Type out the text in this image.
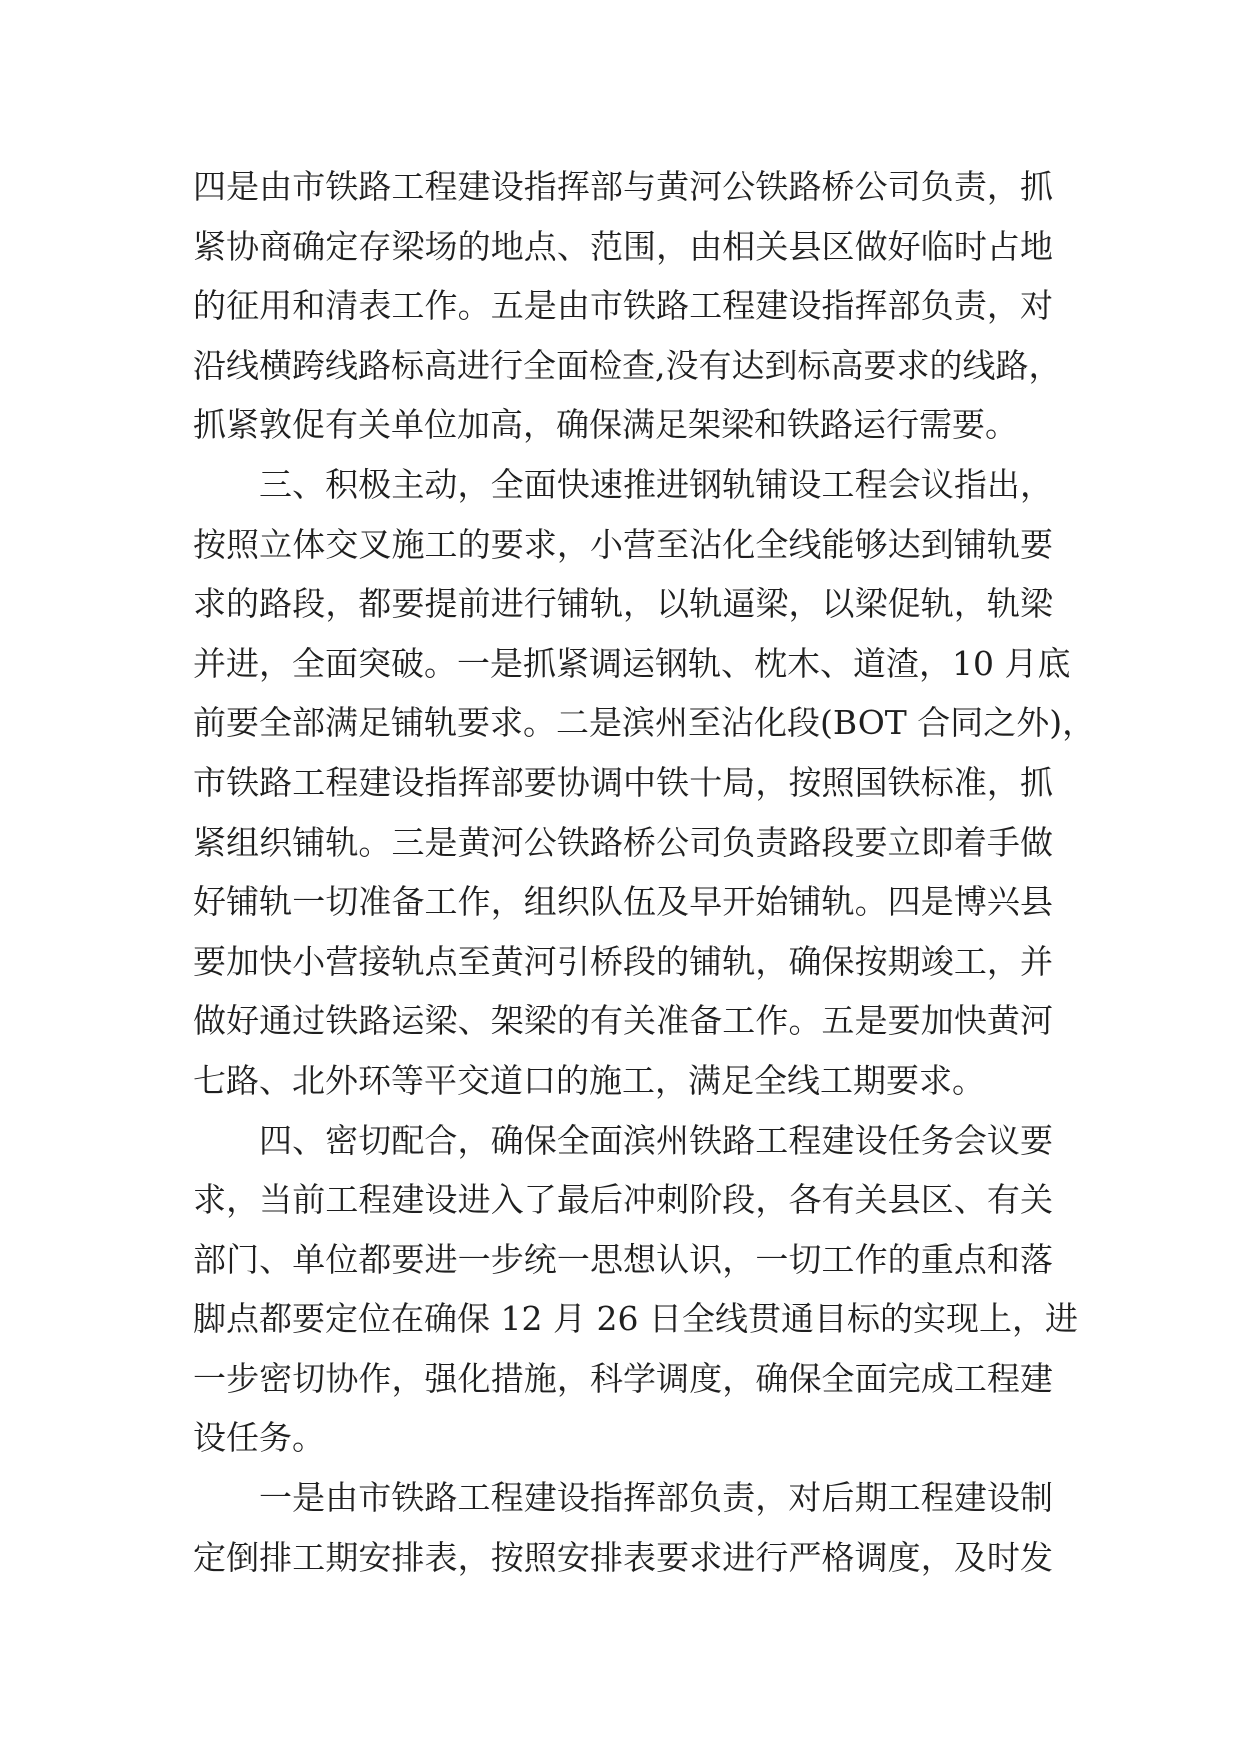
四是由市铁路工程建设指挥部与黄河公铁路桥公司负责，抓
紧协商确定存梁场的地点、范围，由相关县区做好临时占地
的征用和清表工作。五是由市铁路工程建设指挥部负责，对
沿线横跨线路标高进行全面检查,没有达到标高要求的线路，
抓紧敦促有关单位加高，确保满足架梁和铁路运行需要。
三、积极主动，全面快速推进钢轨铺设工程会议指出，
按照立体交叉施工的要求，小营至沾化全线能够达到铺轨要
求的路段，都要提前进行铺轨，以轨逼梁，以梁促轨，轨梁
并进，全面突破。一是抓紧调运钢轨、枕木、道渣，10 月底
前要全部满足铺轨要求。二是滨州至沾化段(BOT 合同之外)，
市铁路工程建设指挥部要协调中铁十局，按照国铁标准，抓
紧组织铺轨。三是黄河公铁路桥公司负责路段要立即着手做
好铺轨一切准备工作，组织队伍及早开始铺轨。四是博兴县
要加快小营接轨点至黄河引桥段的铺轨，确保按期竣工，并
做好通过铁路运梁、架梁的有关准备工作。五是要加快黄河
七路、北外环等平交道口的施工，满足全线工期要求。
四、密切配合，确保全面滨州铁路工程建设任务会议要
求，当前工程建设进入了最后冲刺阶段，各有关县区、有关
部门、单位都要进一步统一思想认识，一切工作的重点和落
脚点都要定位在确保 12 月 26 日全线贯通目标的实现上，进
一步密切协作，强化措施，科学调度，确保全面完成工程建
设任务。
一是由市铁路工程建设指挥部负责，对后期工程建设制
定倒排工期安排表，按照安排表要求进行严格调度，及时发
